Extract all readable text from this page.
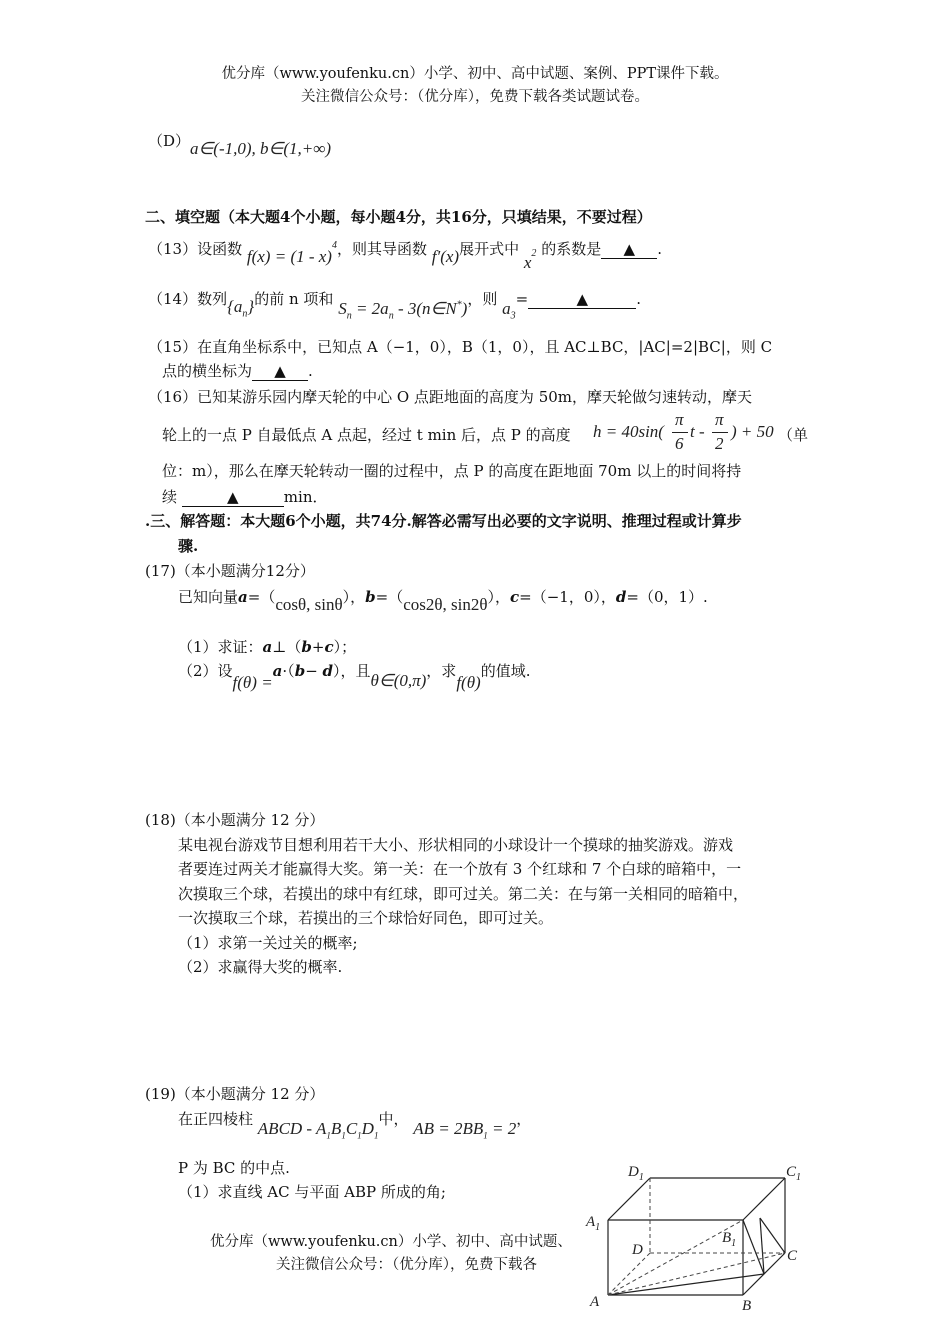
优分库（www.youfenku.cn）小学、初中、高中试题、案例、PPT课件下载。
关注微信公众号：（优分库），免费下载各类试题试卷。
（D） a∈(-1,0), b∈(1,+∞)
二、填空题（本大题4个小题，每小题4分，共16分，只填结果，不要过程）
（13）设函数 f(x) = (1 - x)$^4$，则其导函数 f′(x)展开式中 $x^2$ 的系数是 ▲ .
（14）数列$\{a_n\}$的前 n 项和 $S_n = 2a_n$ - 3(n∈N*)，则 $a_3=$	▲	.
（15）在直角坐标系中，已知点 A（−1，0），B（1，0），且 AC⊥BC，|AC|=2|BC|，则 C
点的横坐标为 ▲ .
（16）已知某游乐园内摩天轮的中心 O 点距地面的高度为 50m，摩天轮做匀速转动，摩天
轮上的一点 P 自最低点 A 点起，经过 t min 后，点 P 的高度 h = 40sin(
π
6
t -
π
2
) + 50 （单
位：m），那么在摩天轮转动一圈的过程中，点 P 的高度在距地面 70m 以上的时间将持
续	▲	min．
.三、解答题：本大题6个小题，共74分.解答必需写出必要的文字说明、推理过程或计算步
骤.
(17)（本小题满分12分）
已知向量a=（cosθ, sinθ），b=（cos2θ, sin2θ），c=（−1，0），d=（0，1）.
（1）求证：a⊥（b+c）；
（2）设f(θ) =a·（b− d），且θ∈(0,π)，求f(θ)的值域.
(18)（本小题满分 12 分）
某电视台游戏节目想利用若干大小、形状相同的小球设计一个摸球的抽奖游戏。游戏
者要连过两关才能赢得大奖。第一关：在一个放有 3 个红球和 7 个白球的暗箱中，一
次摸取三个球，若摸出的球中有红球，即可过关。第二关：在与第一关相同的暗箱中，
一次摸取三个球，若摸出的三个球恰好同色，即可过关。
（1）求第一关过关的概率;
（2）求赢得大奖的概率.
(19)（本小题满分 12 分）
在正四棱柱 ABCD - $A_1B_1C_1D_1$中， AB = $2BB_1 = 2$，
P 为 BC 的中点.
（1）求直线 AC 与平面 ABP 所成的角;
$D_1$	$C_1$
$A_1$
$B_1$
D	C
A	B
优分库（www.youfenku.cn）小学、初中、高中试题、
关注微信公众号：（优分库），免费下载各
